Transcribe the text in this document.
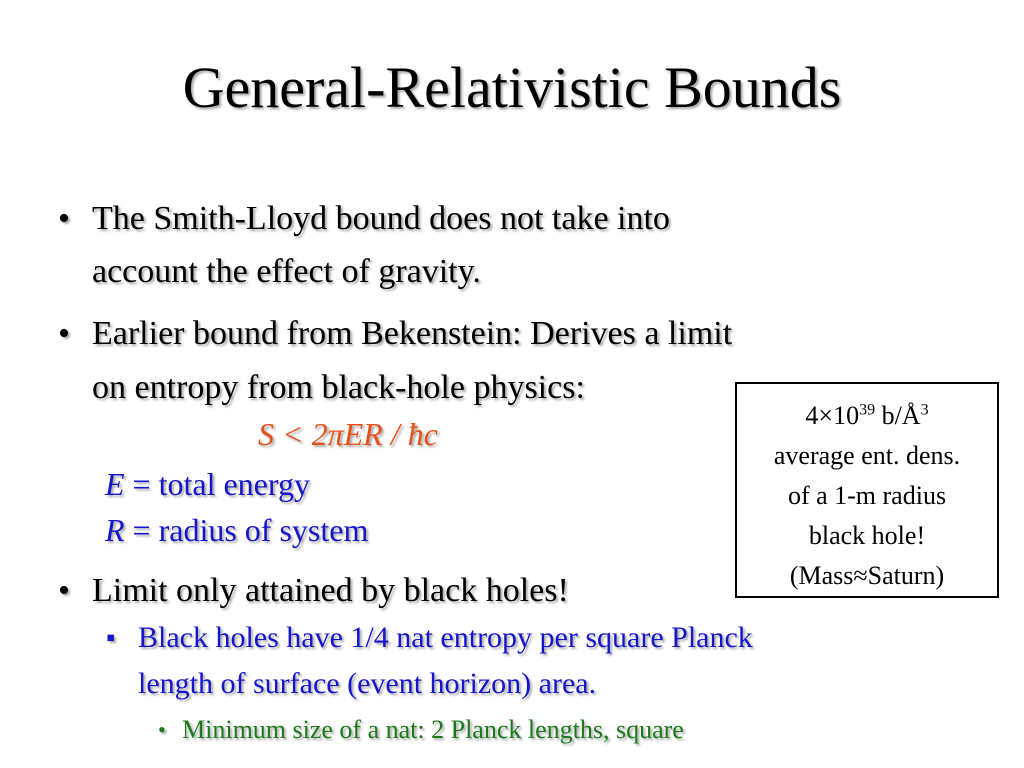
General-Relativistic Bounds
• The Smith-Lloyd bound does not take into
account the effect of gravity.
• Earlier bound from Bekenstein: Derives a limit
on entropy from black-hole physics:
S < 2πER / ħc
E = total energy
R = radius of system
• Limit only attained by black holes!
▪ Black holes have 1/4 nat entropy per square Planck
length of surface (event horizon) area.
• Minimum size of a nat: 2 Planck lengths, square
$4\times 10^{39}$ $b/Å^3$
average ent. dens.
of a 1-m radius
black hole!
(Mass≈Saturn)
